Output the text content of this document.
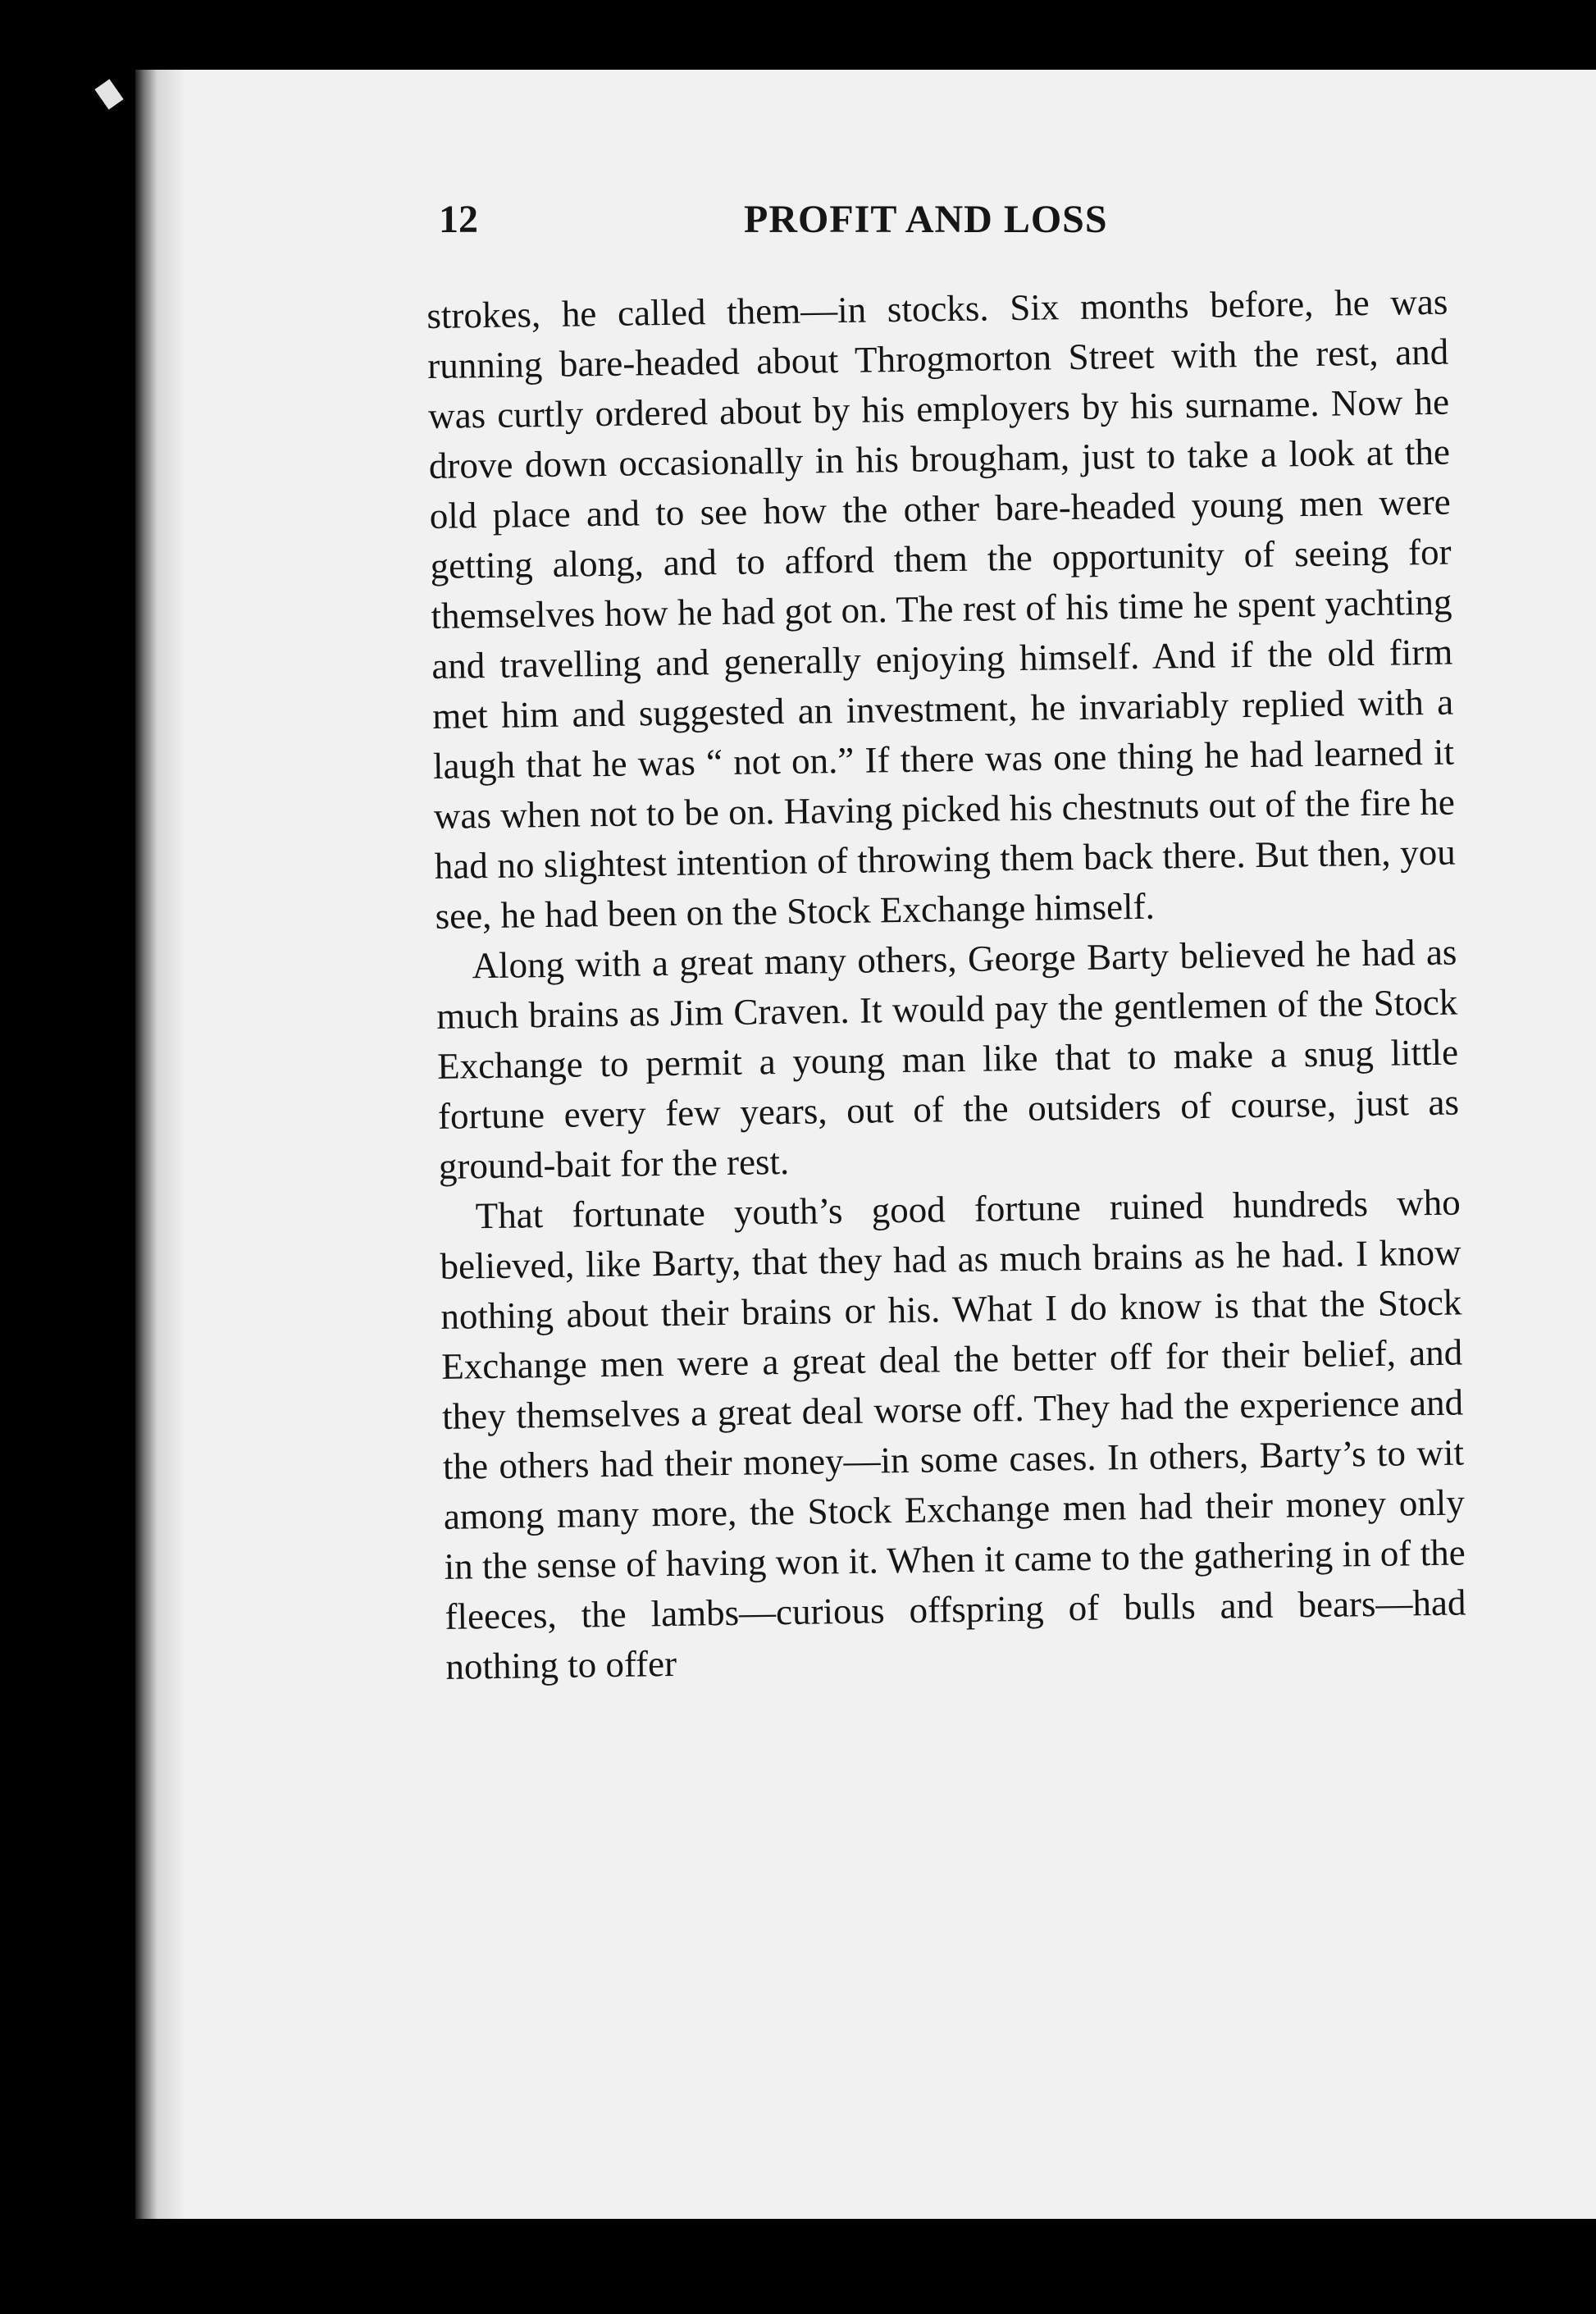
12	PROFIT AND LOSS

strokes, he called them—in stocks. Six months before, he was running bare-headed about Throgmorton Street with the rest, and was curtly ordered about by his employers by his surname. Now he drove down occasionally in his brougham, just to take a look at the old place and to see how the other bare-headed young men were getting along, and to afford them the opportunity of seeing for themselves how he had got on. The rest of his time he spent yachting and travelling and generally enjoying himself. And if the old firm met him and suggested an investment, he invariably replied with a laugh that he was “ not on.” If there was one thing he had learned it was when not to be on. Having picked his chestnuts out of the fire he had no slightest intention of throwing them back there. But then, you see, he had been on the Stock Exchange himself.

Along with a great many others, George Barty believed he had as much brains as Jim Craven. It would pay the gentlemen of the Stock Exchange to permit a young man like that to make a snug little fortune every few years, out of the outsiders of course, just as ground-bait for the rest.

That fortunate youth’s good fortune ruined hundreds who believed, like Barty, that they had as much brains as he had. I know nothing about their brains or his. What I do know is that the Stock Exchange men were a great deal the better off for their belief, and they themselves a great deal worse off. They had the experience and the others had their money—in some cases. In others, Barty’s to wit among many more, the Stock Exchange men had their money only in the sense of having won it. When it came to the gathering in of the fleeces, the lambs—curious offspring of bulls and bears—had nothing to offer
